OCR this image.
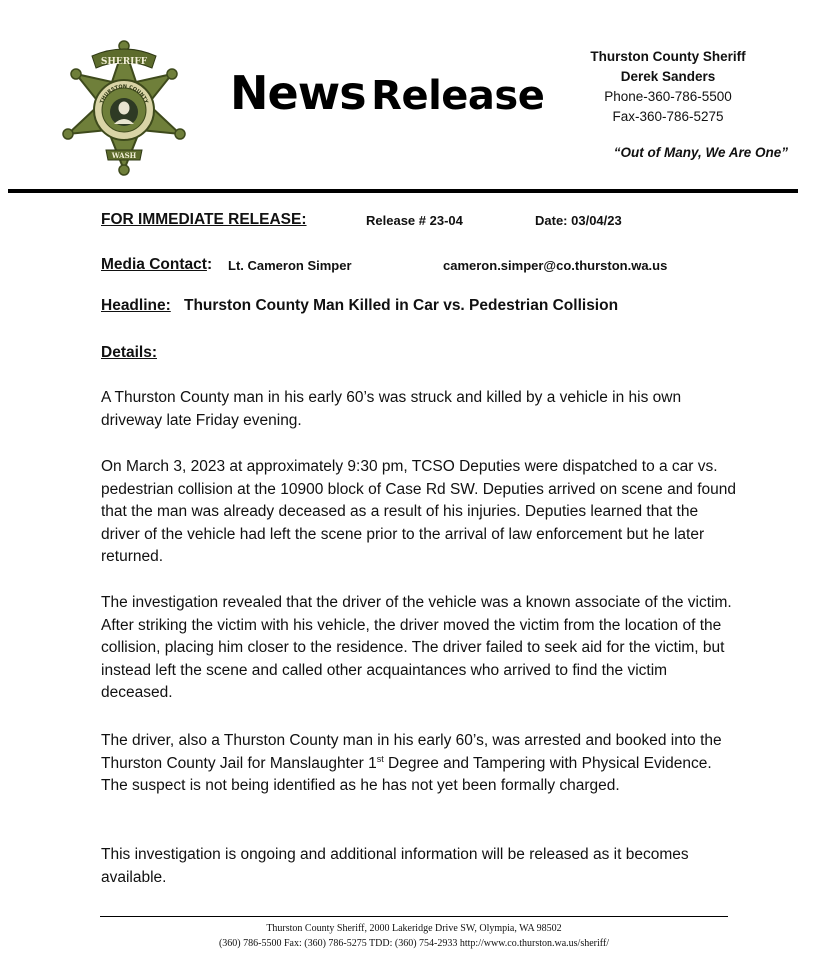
SHERIFF
THURSTON COUNTY
WASH
News Release
Thurston County Sheriff
Derek Sanders
Phone-360-786-5500
Fax-360-786-5275
“Out of Many, We Are One”
FOR IMMEDIATE RELEASE:	Release # 23-04	Date: 03/04/23
Media Contact: Lt. Cameron Simper	cameron.simper@co.thurston.wa.us
Headline: Thurston County Man Killed in Car vs. Pedestrian Collision
Details:

A Thurston County man in his early 60’s was struck and killed by a vehicle in his own driveway late Friday evening.

On March 3, 2023 at approximately 9:30 pm, TCSO Deputies were dispatched to a car vs. pedestrian collision at the 10900 block of Case Rd SW. Deputies arrived on scene and found that the man was already deceased as a result of his injuries. Deputies learned that the driver of the vehicle had left the scene prior to the arrival of law enforcement but he later returned.

The investigation revealed that the driver of the vehicle was a known associate of the victim. After striking the victim with his vehicle, the driver moved the victim from the location of the collision, placing him closer to the residence. The driver failed to seek aid for the victim, but instead left the scene and called other acquaintances who arrived to find the victim deceased.

The driver, also a Thurston County man in his early 60’s, was arrested and booked into the Thurston County Jail for Manslaughter 1st Degree and Tampering with Physical Evidence. The suspect is not being identified as he has not yet been formally charged.

This investigation is ongoing and additional information will be released as it becomes available.

Thurston County Sheriff, 2000 Lakeridge Drive SW, Olympia, WA 98502
(360) 786-5500 Fax: (360) 786-5275 TDD: (360) 754-2933 http://www.co.thurston.wa.us/sheriff/
